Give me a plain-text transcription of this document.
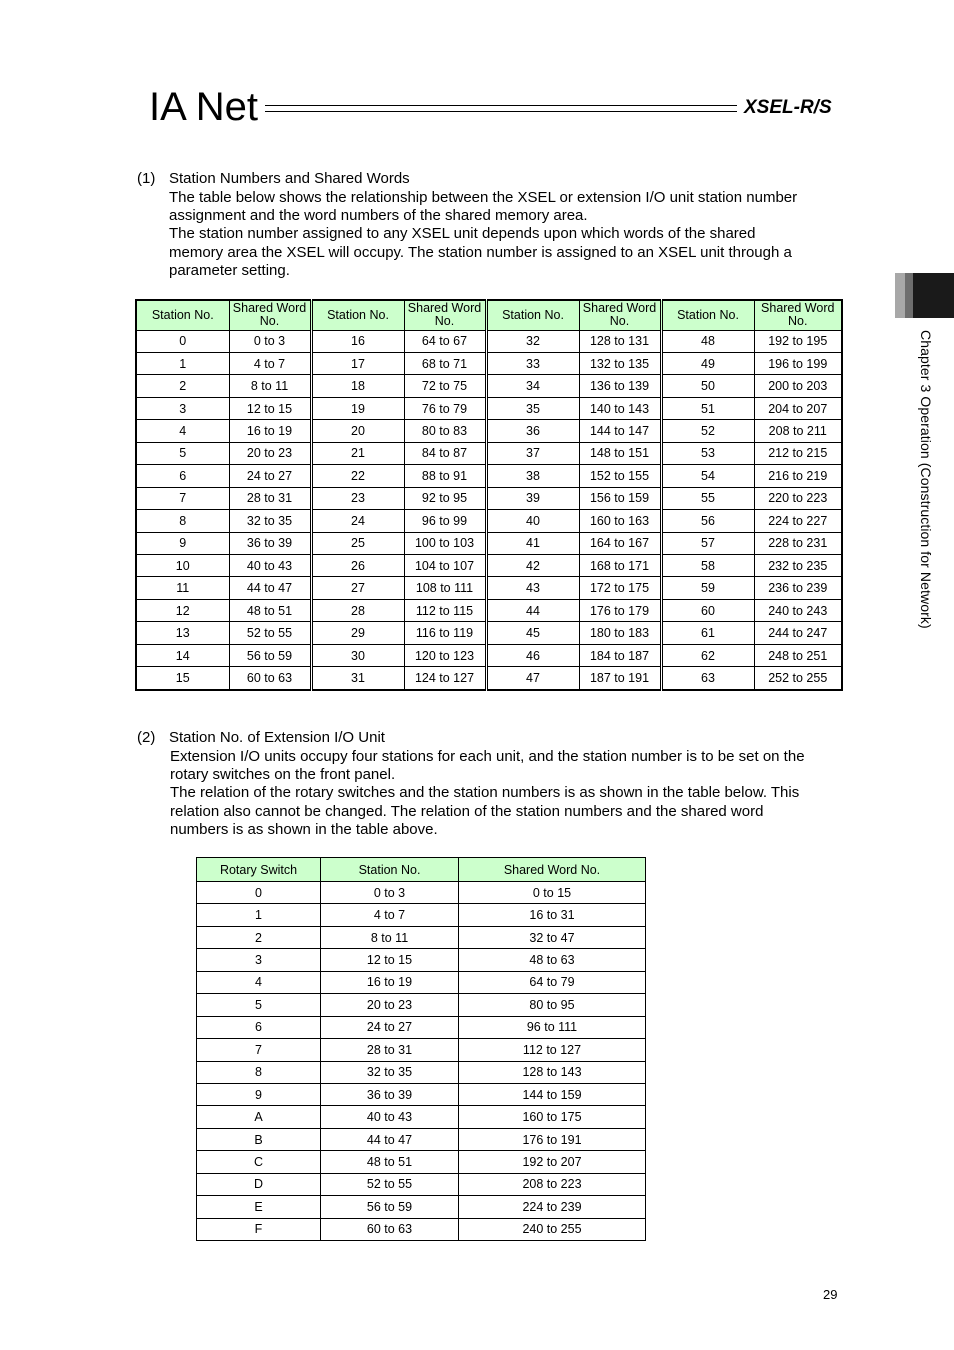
IA Net	XSEL-R/S
Chapter 3 Operation (Construction for Network)
(1) Station Numbers and Shared Words

The table below shows the relationship between the XSEL or extension I/O unit station number

assignment and the word numbers of the shared memory area.

The station number assigned to any XSEL unit depends upon which words of the shared

memory area the XSEL will occupy. The station number is assigned to an XSEL unit through a

parameter setting.

Station No.	Shared Word No.	Station No.	Shared Word No.	Station No.	Shared Word No.	Station No.	Shared Word No.
0	0 to 3	16	64 to 67	32	128 to 131	48	192 to 195
1	4 to 7	17	68 to 71	33	132 to 135	49	196 to 199
2	8 to 11	18	72 to 75	34	136 to 139	50	200 to 203
3	12 to 15	19	76 to 79	35	140 to 143	51	204 to 207
4	16 to 19	20	80 to 83	36	144 to 147	52	208 to 211
5	20 to 23	21	84 to 87	37	148 to 151	53	212 to 215
6	24 to 27	22	88 to 91	38	152 to 155	54	216 to 219
7	28 to 31	23	92 to 95	39	156 to 159	55	220 to 223
8	32 to 35	24	96 to 99	40	160 to 163	56	224 to 227
9	36 to 39	25	100 to 103	41	164 to 167	57	228 to 231
10	40 to 43	26	104 to 107	42	168 to 171	58	232 to 235
11	44 to 47	27	108 to 111	43	172 to 175	59	236 to 239
12	48 to 51	28	112 to 115	44	176 to 179	60	240 to 243
13	52 to 55	29	116 to 119	45	180 to 183	61	244 to 247
14	56 to 59	30	120 to 123	46	184 to 187	62	248 to 251
15	60 to 63	31	124 to 127	47	187 to 191	63	252 to 255
(2) Station No. of Extension I/O Unit

Extension I/O units occupy four stations for each unit, and the station number is to be set on the

rotary switches on the front panel.

The relation of the rotary switches and the station numbers is as shown in the table below. This

relation also cannot be changed. The relation of the station numbers and the shared word

numbers is as shown in the table above.

Rotary Switch	Station No.	Shared Word No.
0	0 to 3	0 to 15
1	4 to 7	16 to 31
2	8 to 11	32 to 47
3	12 to 15	48 to 63
4	16 to 19	64 to 79
5	20 to 23	80 to 95
6	24 to 27	96 to 111
7	28 to 31	112 to 127
8	32 to 35	128 to 143
9	36 to 39	144 to 159
A	40 to 43	160 to 175
B	44 to 47	176 to 191
C	48 to 51	192 to 207
D	52 to 55	208 to 223
E	56 to 59	224 to 239
F	60 to 63	240 to 255
29
